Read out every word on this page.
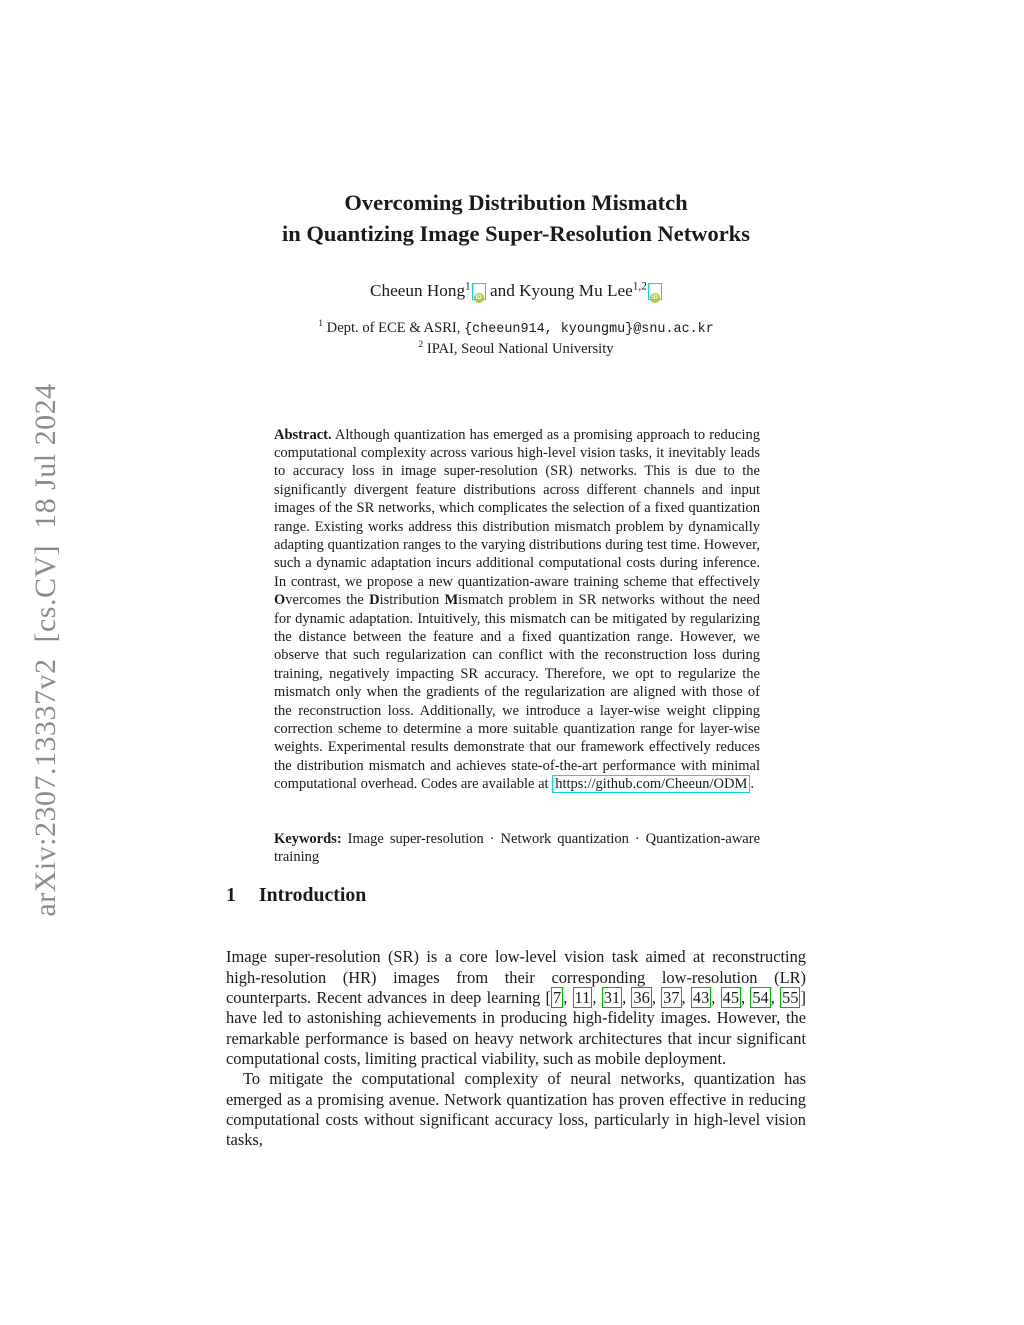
arXiv:2307.13337v2  [cs.CV]  18 Jul 2024
Overcoming Distribution Mismatch
in Quantizing Image Super-Resolution Networks
Cheeun Hong$^1$iD and Kyoung Mu Lee$^{1,2}$iD
$^1$ Dept. of ECE & ASRI, {cheeun914, kyoungmu}@snu.ac.kr
$^2$ IPAI, Seoul National University

Abstract. Although quantization has emerged as a promising approach to reducing computational complexity across various high-level vision tasks, it inevitably leads to accuracy loss in image super-resolution (SR) networks. This is due to the significantly divergent feature distributions across different channels and input images of the SR networks, which complicates the selection of a fixed quantization range. Existing works address this distribution mismatch problem by dynamically adapting quantization ranges to the varying distributions during test time. However, such a dynamic adaptation incurs additional computational costs during inference. In contrast, we propose a new quantization-aware training scheme that effectively Overcomes the Distribution Mismatch problem in SR networks without the need for dynamic adaptation. Intuitively, this mismatch can be mitigated by regularizing the distance between the feature and a fixed quantization range. However, we observe that such regularization can conflict with the reconstruction loss during training, negatively impacting SR accuracy. Therefore, we opt to regularize the mismatch only when the gradients of the regularization are aligned with those of the reconstruction loss. Additionally, we introduce a layer-wise weight clipping correction scheme to determine a more suitable quantization range for layer-wise weights. Experimental results demonstrate that our framework effectively reduces the distribution mismatch and achieves state-of-the-art performance with minimal computational overhead. Codes are available at https://github.com/Cheeun/ODM .

Keywords: Image super-resolution · Network quantization · Quantization-aware training

1 Introduction

Image super-resolution (SR) is a core low-level vision task aimed at reconstructing high-resolution (HR) images from their corresponding low-resolution (LR) counterparts. Recent advances in deep learning [ 7 , 11 , 31 , 36 , 37 , 43 , 45 , 54 , 55 ] have led to astonishing achievements in producing high-fidelity images. However, the remarkable performance is based on heavy network architectures that incur significant computational costs, limiting practical viability, such as mobile deployment.

To mitigate the computational complexity of neural networks, quantization has emerged as a promising avenue. Network quantization has proven effective in reducing computational costs without significant accuracy loss, particularly in high-level vision tasks,
